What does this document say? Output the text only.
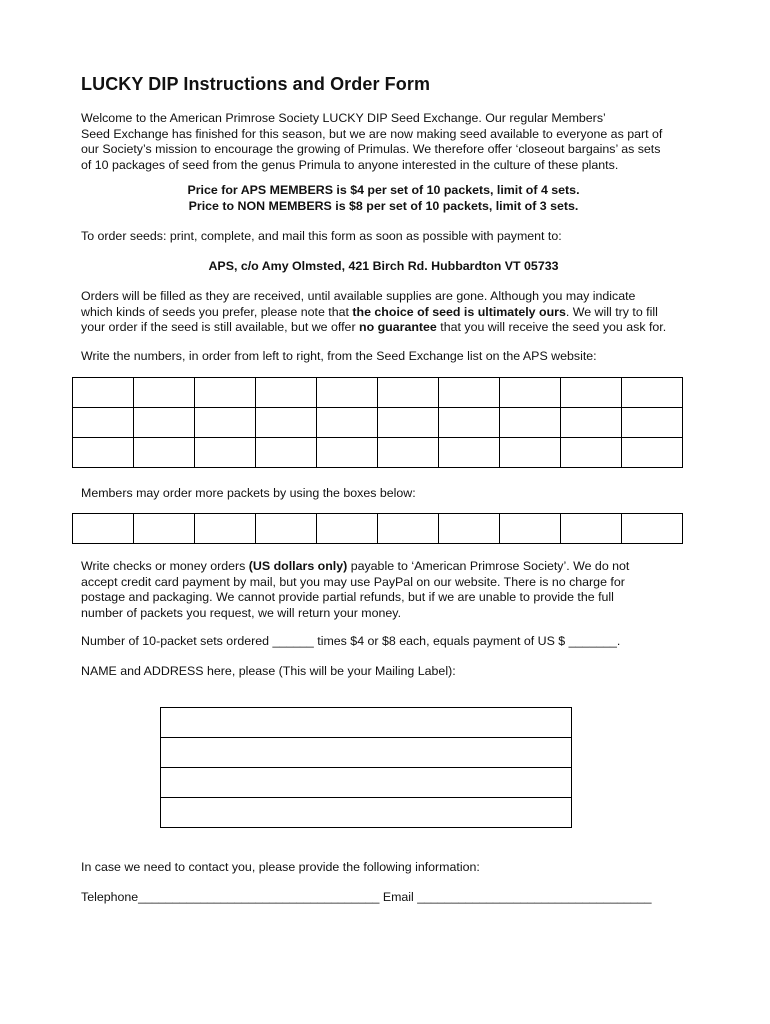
LUCKY DIP Instructions and Order Form
Welcome to the American Primrose Society LUCKY DIP Seed Exchange. Our regular Members’
Seed Exchange has finished for this season, but we are now making seed available to everyone as part of
our Society’s mission to encourage the growing of Primulas. We therefore offer ‘closeout bargains’ as sets
of 10 packages of seed from the genus Primula to anyone interested in the culture of these plants.
Price for APS MEMBERS is $4 per set of 10 packets, limit of 4 sets.
Price to NON MEMBERS is $8 per set of 10 packets, limit of 3 sets.
To order seeds: print, complete, and mail this form as soon as possible with payment to:
APS, c/o Amy Olmsted, 421 Birch Rd. Hubbardton VT 05733
Orders will be filled as they are received, until available supplies are gone. Although you may indicate
which kinds of seeds you prefer, please note that the choice of seed is ultimately ours. We will try to fill
your order if the seed is still available, but we offer no guarantee that you will receive the seed you ask for.
Write the numbers, in order from left to right, from the Seed Exchange list on the APS website:

Members may order more packets by using the boxes below:

Write checks or money orders (US dollars only) payable to ‘American Primrose Society’. We do not
accept credit card payment by mail, but you may use PayPal on our website. There is no charge for
postage and packaging. We cannot provide partial refunds, but if we are unable to provide the full
number of packets you request, we will return your money.
Number of 10-packet sets ordered ______ times $4 or $8 each, equals payment of US $ _______.
NAME and ADDRESS here, please (This will be your Mailing Label):

In case we need to contact you, please provide the following information:
Telephone___________________________________ Email __________________________________
